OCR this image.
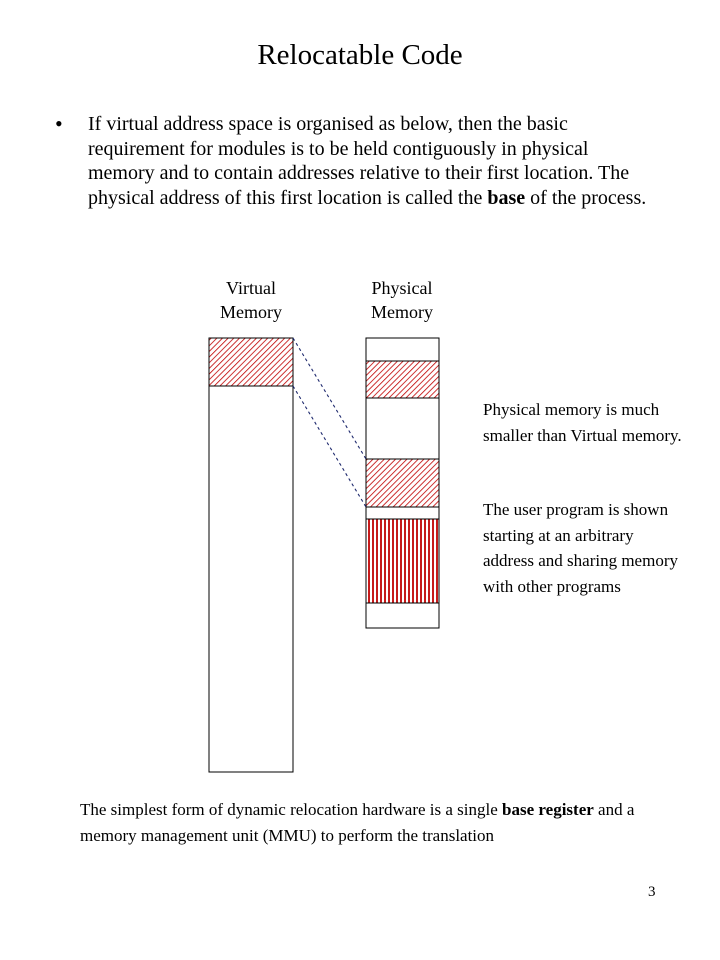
Relocatable Code
• If virtual address space is organised as below, then the basic requirement for modules is to be held contiguously in physical memory and to contain addresses relative to their first location. The physical address of this first location is called the base of the process.
Virtual
Memory
Physical
Memory
Physical memory is much smaller than Virtual memory.
The user program is shown starting at an arbitrary address and sharing memory with other programs
The simplest form of dynamic relocation hardware is a single base register and a memory management unit (MMU) to perform the translation
3
